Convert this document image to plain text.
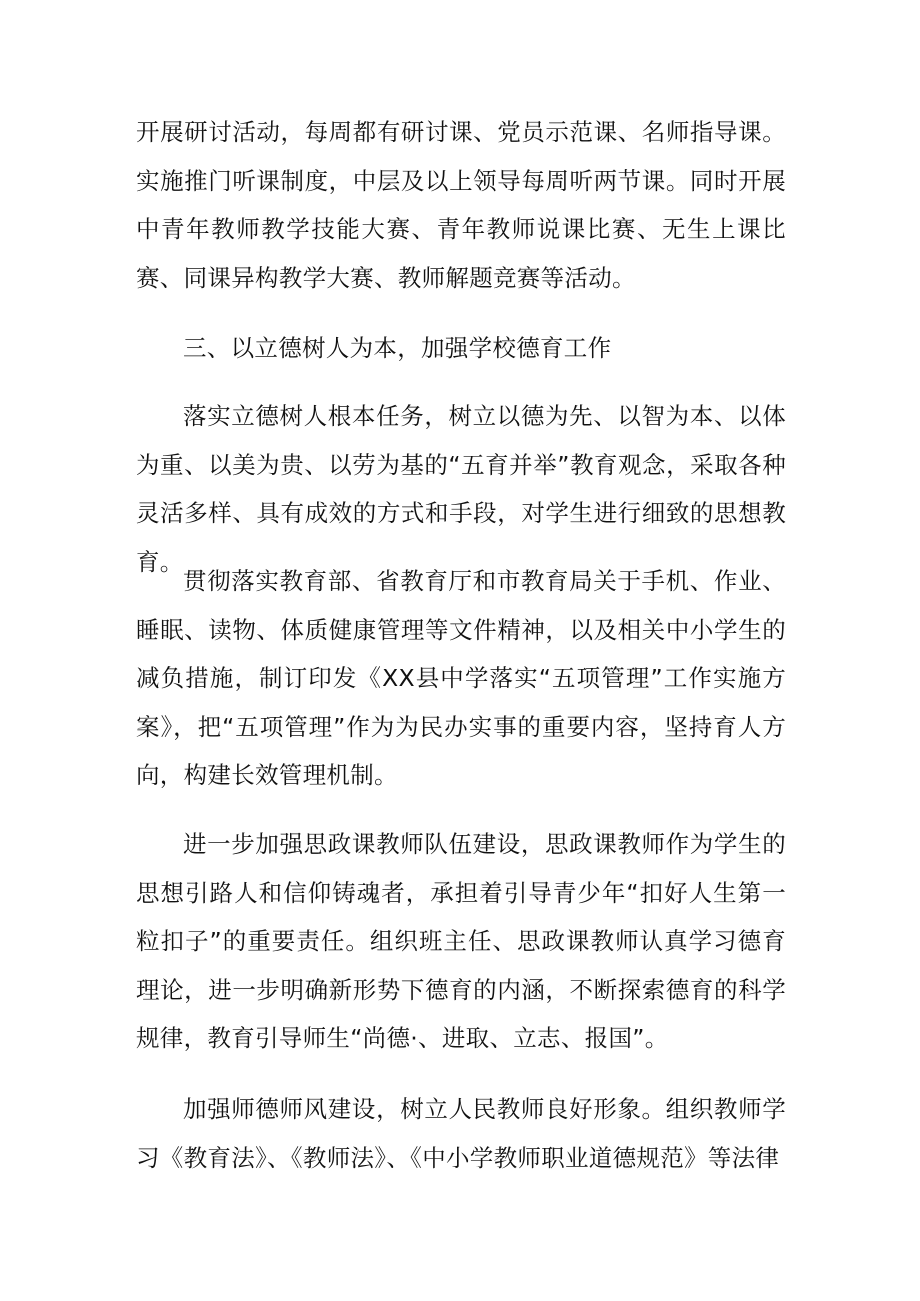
开展研讨活动，每周都有研讨课、党员示范课、名师指导课。实施推门听课制度，中层及以上领导每周听两节课。同时开展中青年教师教学技能大赛、青年教师说课比赛、无生上课比赛、同课异构教学大赛、教师解题竞赛等活动。

三、以立德树人为本，加强学校德育工作

落实立德树人根本任务，树立以德为先、以智为本、以体为重、以美为贵、以劳为基的“五育并举”教育观念，采取各种灵活多样、具有成效的方式和手段，对学生进行细致的思想教育。

贯彻落实教育部、省教育厅和市教育局关于手机、作业、睡眠、读物、体质健康管理等文件精神，以及相关中小学生的减负措施，制订印发《XX县中学落实“五项管理”工作实施方案》，把“五项管理”作为为民办实事的重要内容，坚持育人方向，构建长效管理机制。

进一步加强思政课教师队伍建设，思政课教师作为学生的思想引路人和信仰铸魂者，承担着引导青少年“扣好人生第一粒扣子”的重要责任。组织班主任、思政课教师认真学习德育理论，进一步明确新形势下德育的内涵，不断探索德育的科学规律，教育引导师生“尚德·、进取、立志、报国”。

加强师德师风建设，树立人民教师良好形象。组织教师学习《教育法》、《教师法》、《中小学教师职业道德规范》等法律
